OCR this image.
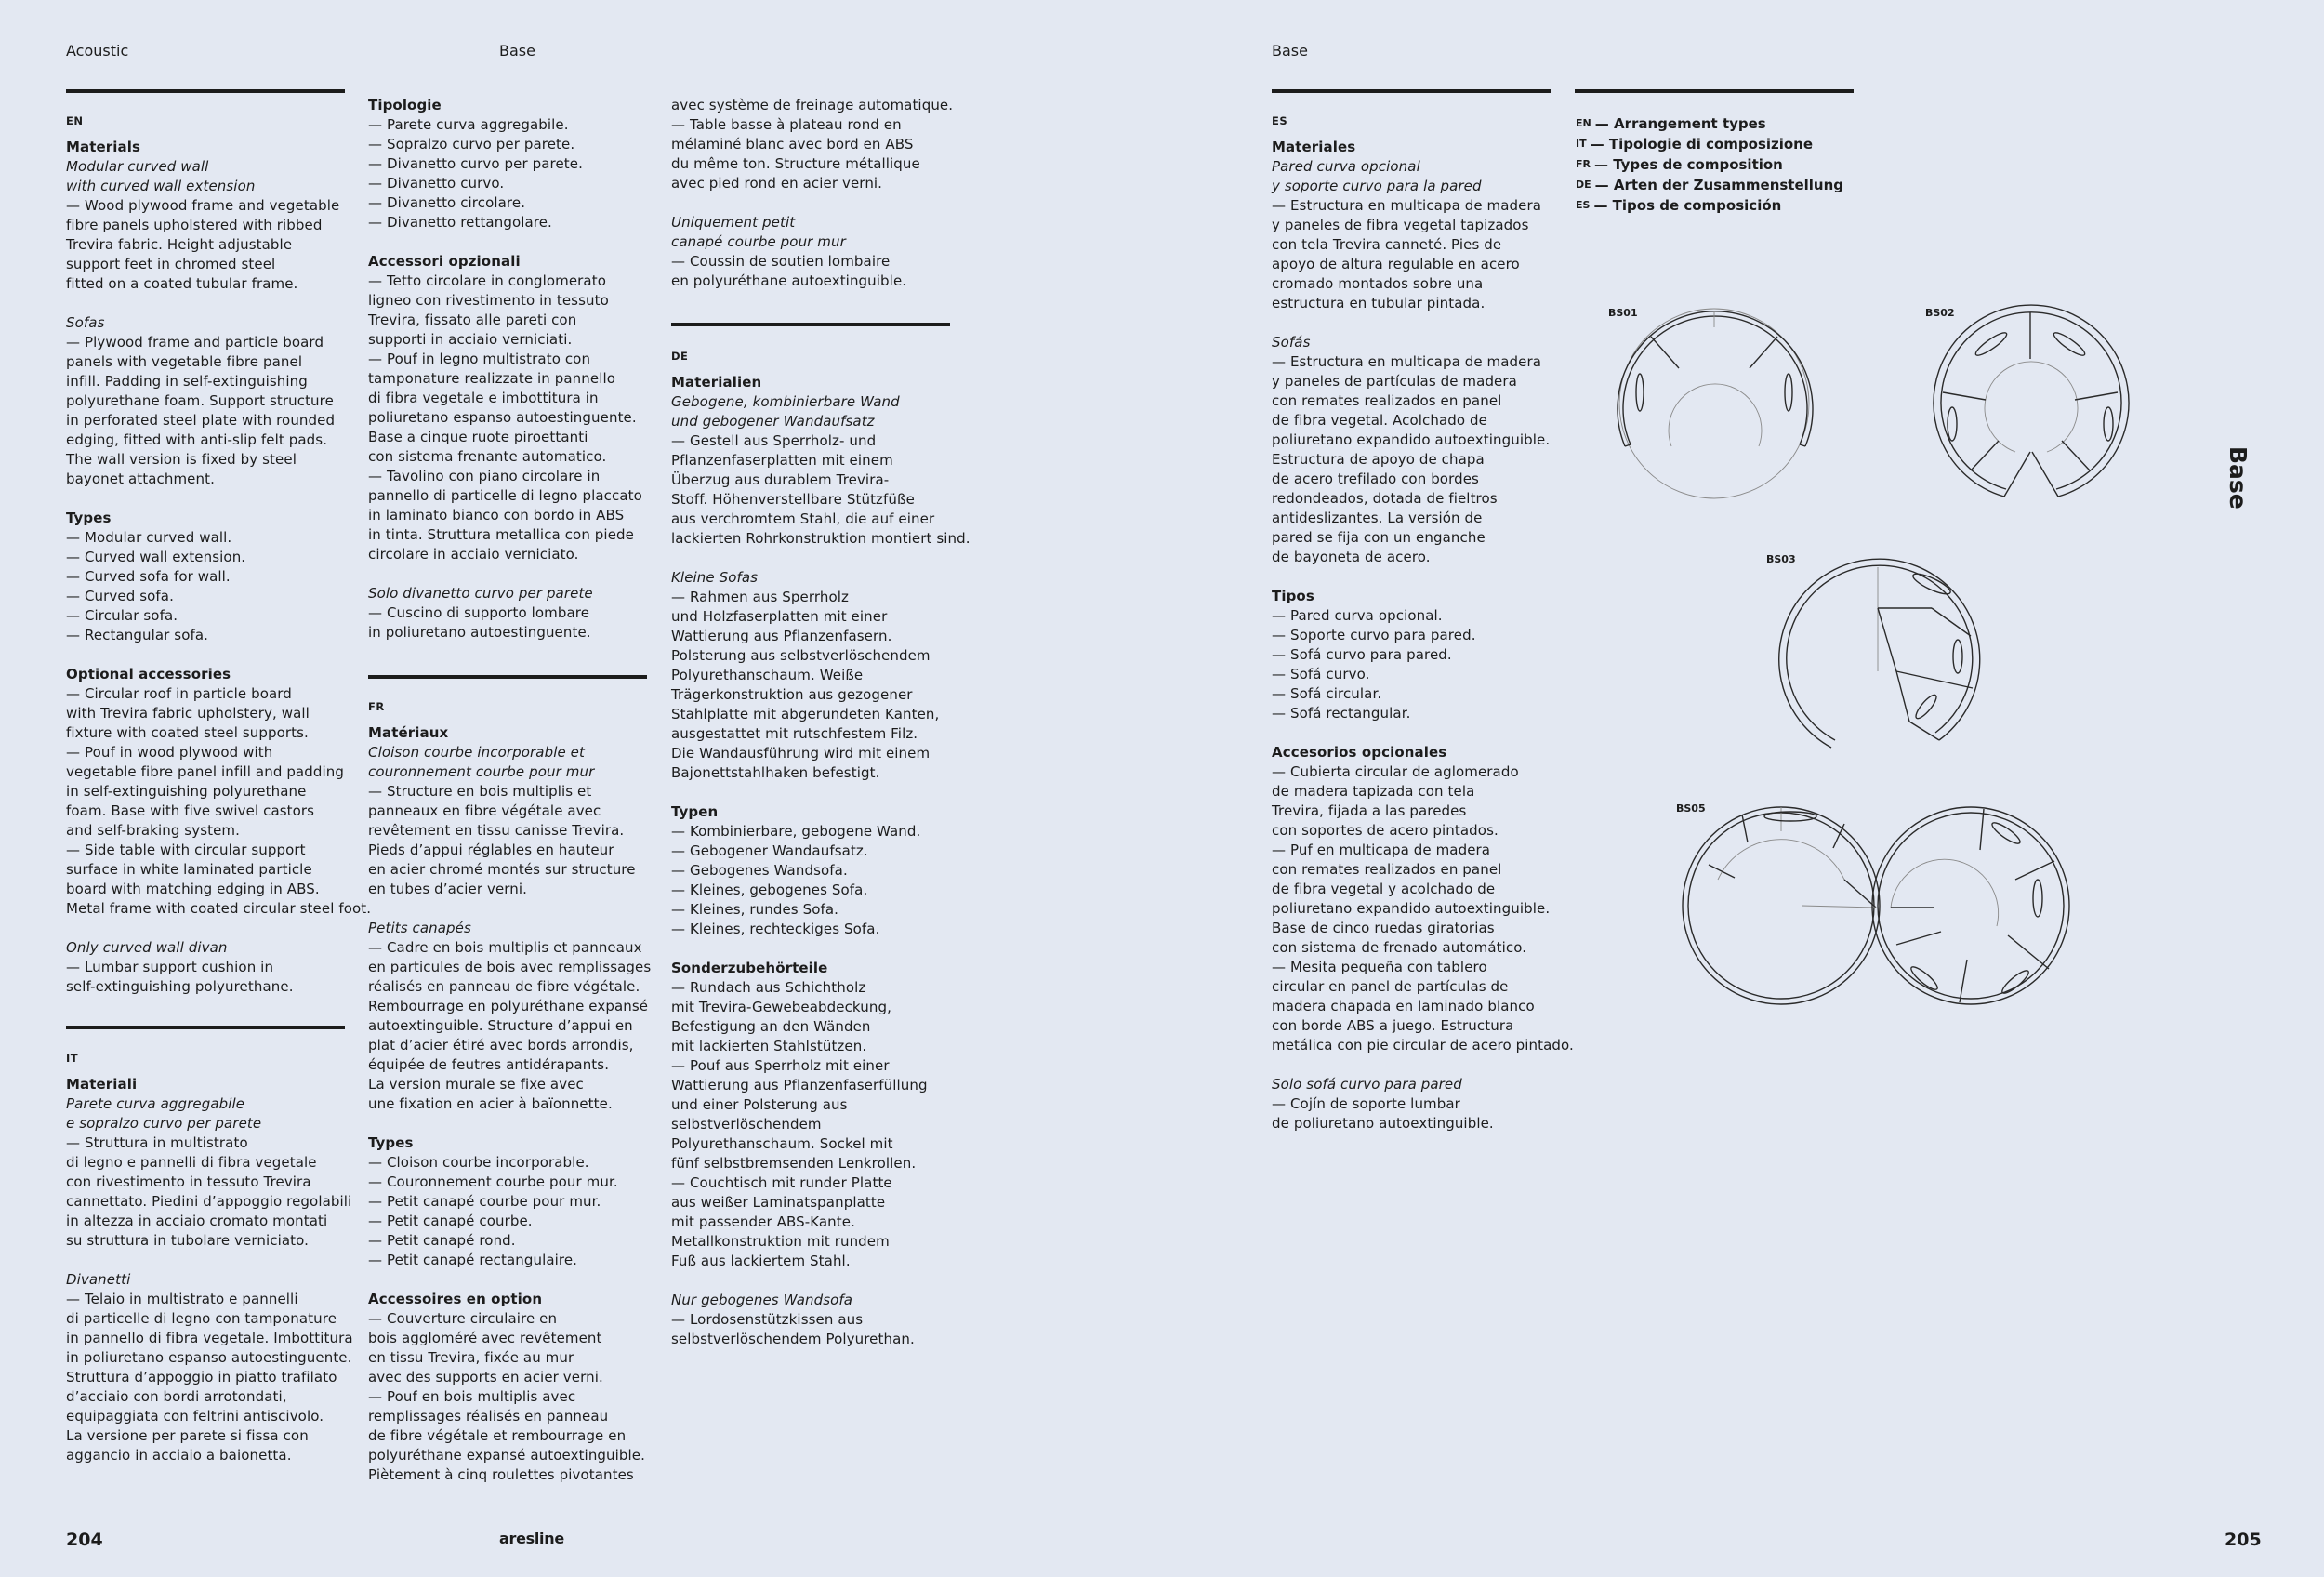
Acoustic	Base	Base
EN
Materials
Modular curved wall
with curved wall extension
— Wood plywood frame and vegetable
fibre panels upholstered with ribbed
Trevira fabric. Height adjustable
support feet in chromed steel
fitted on a coated tubular frame.
Sofas
— Plywood frame and particle board
panels with vegetable fibre panel
infill. Padding in self-extinguishing
polyurethane foam. Support structure
in perforated steel plate with rounded
edging, fitted with anti-slip felt pads.
The wall version is fixed by steel
bayonet attachment.
Types
— Modular curved wall.
— Curved wall extension.
— Curved sofa for wall.
— Curved sofa.
— Circular sofa.
— Rectangular sofa.
Optional accessories
— Circular roof in particle board
with Trevira fabric upholstery, wall
fixture with coated steel supports.
— Pouf in wood plywood with
vegetable fibre panel infill and padding
in self-extinguishing polyurethane
foam. Base with five swivel castors
and self-braking system.
— Side table with circular support
surface in white laminated particle
board with matching edging in ABS.
Metal frame with coated circular steel foot.
Only curved wall divan
— Lumbar support cushion in
self-extinguishing polyurethane.
IT
Materiali
Parete curva aggregabile
e sopralzo curvo per parete
— Struttura in multistrato
di legno e pannelli di fibra vegetale
con rivestimento in tessuto Trevira
cannettato. Piedini d’appoggio regolabili
in altezza in acciaio cromato montati
su struttura in tubolare verniciato.
Divanetti
— Telaio in multistrato e pannelli
di particelle di legno con tamponature
in pannello di fibra vegetale. Imbottitura
in poliuretano espanso autoestinguente.
Struttura d’appoggio in piatto trafilato
d’acciaio con bordi arrotondati,
equipaggiata con feltrini antiscivolo.
La versione per parete si fissa con
aggancio in acciaio a baionetta.
Tipologie
— Parete curva aggregabile.
— Sopralzo curvo per parete.
— Divanetto curvo per parete.
— Divanetto curvo.
— Divanetto circolare.
— Divanetto rettangolare.
Accessori opzionali
— Tetto circolare in conglomerato
ligneo con rivestimento in tessuto
Trevira, fissato alle pareti con
supporti in acciaio verniciati.
— Pouf in legno multistrato con
tamponature realizzate in pannello
di fibra vegetale e imbottitura in
poliuretano espanso autoestinguente.
Base a cinque ruote piroettanti
con sistema frenante automatico.
— Tavolino con piano circolare in
pannello di particelle di legno placcato
in laminato bianco con bordo in ABS
in tinta. Struttura metallica con piede
circolare in acciaio verniciato.
Solo divanetto curvo per parete
— Cuscino di supporto lombare
in poliuretano autoestinguente.
FR
Matériaux
Cloison courbe incorporable et
couronnement courbe pour mur
— Structure en bois multiplis et
panneaux en fibre végétale avec
revêtement en tissu canisse Trevira.
Pieds d’appui réglables en hauteur
en acier chromé montés sur structure
en tubes d’acier verni.
Petits canapés
— Cadre en bois multiplis et panneaux
en particules de bois avec remplissages
réalisés en panneau de fibre végétale.
Rembourrage en polyuréthane expansé
autoextinguible. Structure d’appui en
plat d’acier étiré avec bords arrondis,
équipée de feutres antidérapants.
La version murale se fixe avec
une fixation en acier à baïonnette.
Types
— Cloison courbe incorporable.
— Couronnement courbe pour mur.
— Petit canapé courbe pour mur.
— Petit canapé courbe.
— Petit canapé rond.
— Petit canapé rectangulaire.
Accessoires en option
— Couverture circulaire en
bois aggloméré avec revêtement
en tissu Trevira, fixée au mur
avec des supports en acier verni.
— Pouf en bois multiplis avec
remplissages réalisés en panneau
de fibre végétale et rembourrage en
polyuréthane expansé autoextinguible.
Piètement à cinq roulettes pivotantes
avec système de freinage automatique.
— Table basse à plateau rond en
mélaminé blanc avec bord en ABS
du même ton. Structure métallique
avec pied rond en acier verni.
Uniquement petit
canapé courbe pour mur
— Coussin de soutien lombaire
en polyuréthane autoextinguible.
DE
Materialien
Gebogene, kombinierbare Wand
und gebogener Wandaufsatz
— Gestell aus Sperrholz- und
Pflanzenfaserplatten mit einem
Überzug aus durablem Trevira-
Stoff. Höhenverstellbare Stützfüße
aus verchromtem Stahl, die auf einer
lackierten Rohrkonstruktion montiert sind.
Kleine Sofas
— Rahmen aus Sperrholz
und Holzfaserplatten mit einer
Wattierung aus Pflanzenfasern.
Polsterung aus selbstverlöschendem
Polyurethanschaum. Weiße
Trägerkonstruktion aus gezogener
Stahlplatte mit abgerundeten Kanten,
ausgestattet mit rutschfestem Filz.
Die Wandausführung wird mit einem
Bajonettstahlhaken befestigt.
Typen
— Kombinierbare, gebogene Wand.
— Gebogener Wandaufsatz.
— Gebogenes Wandsofa.
— Kleines, gebogenes Sofa.
— Kleines, rundes Sofa.
— Kleines, rechteckiges Sofa.
Sonderzubehörteile
— Rundach aus Schichtholz
mit Trevira-Gewebeabdeckung,
Befestigung an den Wänden
mit lackierten Stahlstützen.
— Pouf aus Sperrholz mit einer
Wattierung aus Pflanzenfaserfüllung
und einer Polsterung aus
selbstverlöschendem
Polyurethanschaum. Sockel mit
fünf selbstbremsenden Lenkrollen.
— Couchtisch mit runder Platte
aus weißer Laminatspanplatte
mit passender ABS-Kante.
Metallkonstruktion mit rundem
Fuß aus lackiertem Stahl.
Nur gebogenes Wandsofa
— Lordosenstützkissen aus
selbstverlöschendem Polyurethan.
ES
Materiales
Pared curva opcional
y soporte curvo para la pared
— Estructura en multicapa de madera
y paneles de fibra vegetal tapizados
con tela Trevira canneté. Pies de
apoyo de altura regulable en acero
cromado montados sobre una
estructura en tubular pintada.
Sofás
— Estructura en multicapa de madera
y paneles de partículas de madera
con remates realizados en panel
de fibra vegetal. Acolchado de
poliuretano expandido autoextinguible.
Estructura de apoyo de chapa
de acero trefilado con bordes
redondeados, dotada de fieltros
antideslizantes. La versión de
pared se fija con un enganche
de bayoneta de acero.
Tipos
— Pared curva opcional.
— Soporte curvo para pared.
— Sofá curvo para pared.
— Sofá curvo.
— Sofá circular.
— Sofá rectangular.
Accesorios opcionales
— Cubierta circular de aglomerado
de madera tapizada con tela
Trevira, fijada a las paredes
con soportes de acero pintados.
— Puf en multicapa de madera
con remates realizados en panel
de fibra vegetal y acolchado de
poliuretano expandido autoextinguible.
Base de cinco ruedas giratorias
con sistema de frenado automático.
— Mesita pequeña con tablero
circular en panel de partículas de
madera chapada en laminado blanco
con borde ABS a juego. Estructura
metálica con pie circular de acero pintado.
Solo sofá curvo para pared
— Cojín de soporte lumbar
de poliuretano autoextinguible.
EN — Arrangement types
IT — Tipologie di composizione
FR — Types de composition
DE — Arten der Zusammenstellung
ES — Tipos de composición
BS01	BS02
BS03
BS05
Base
204	aresline	205
